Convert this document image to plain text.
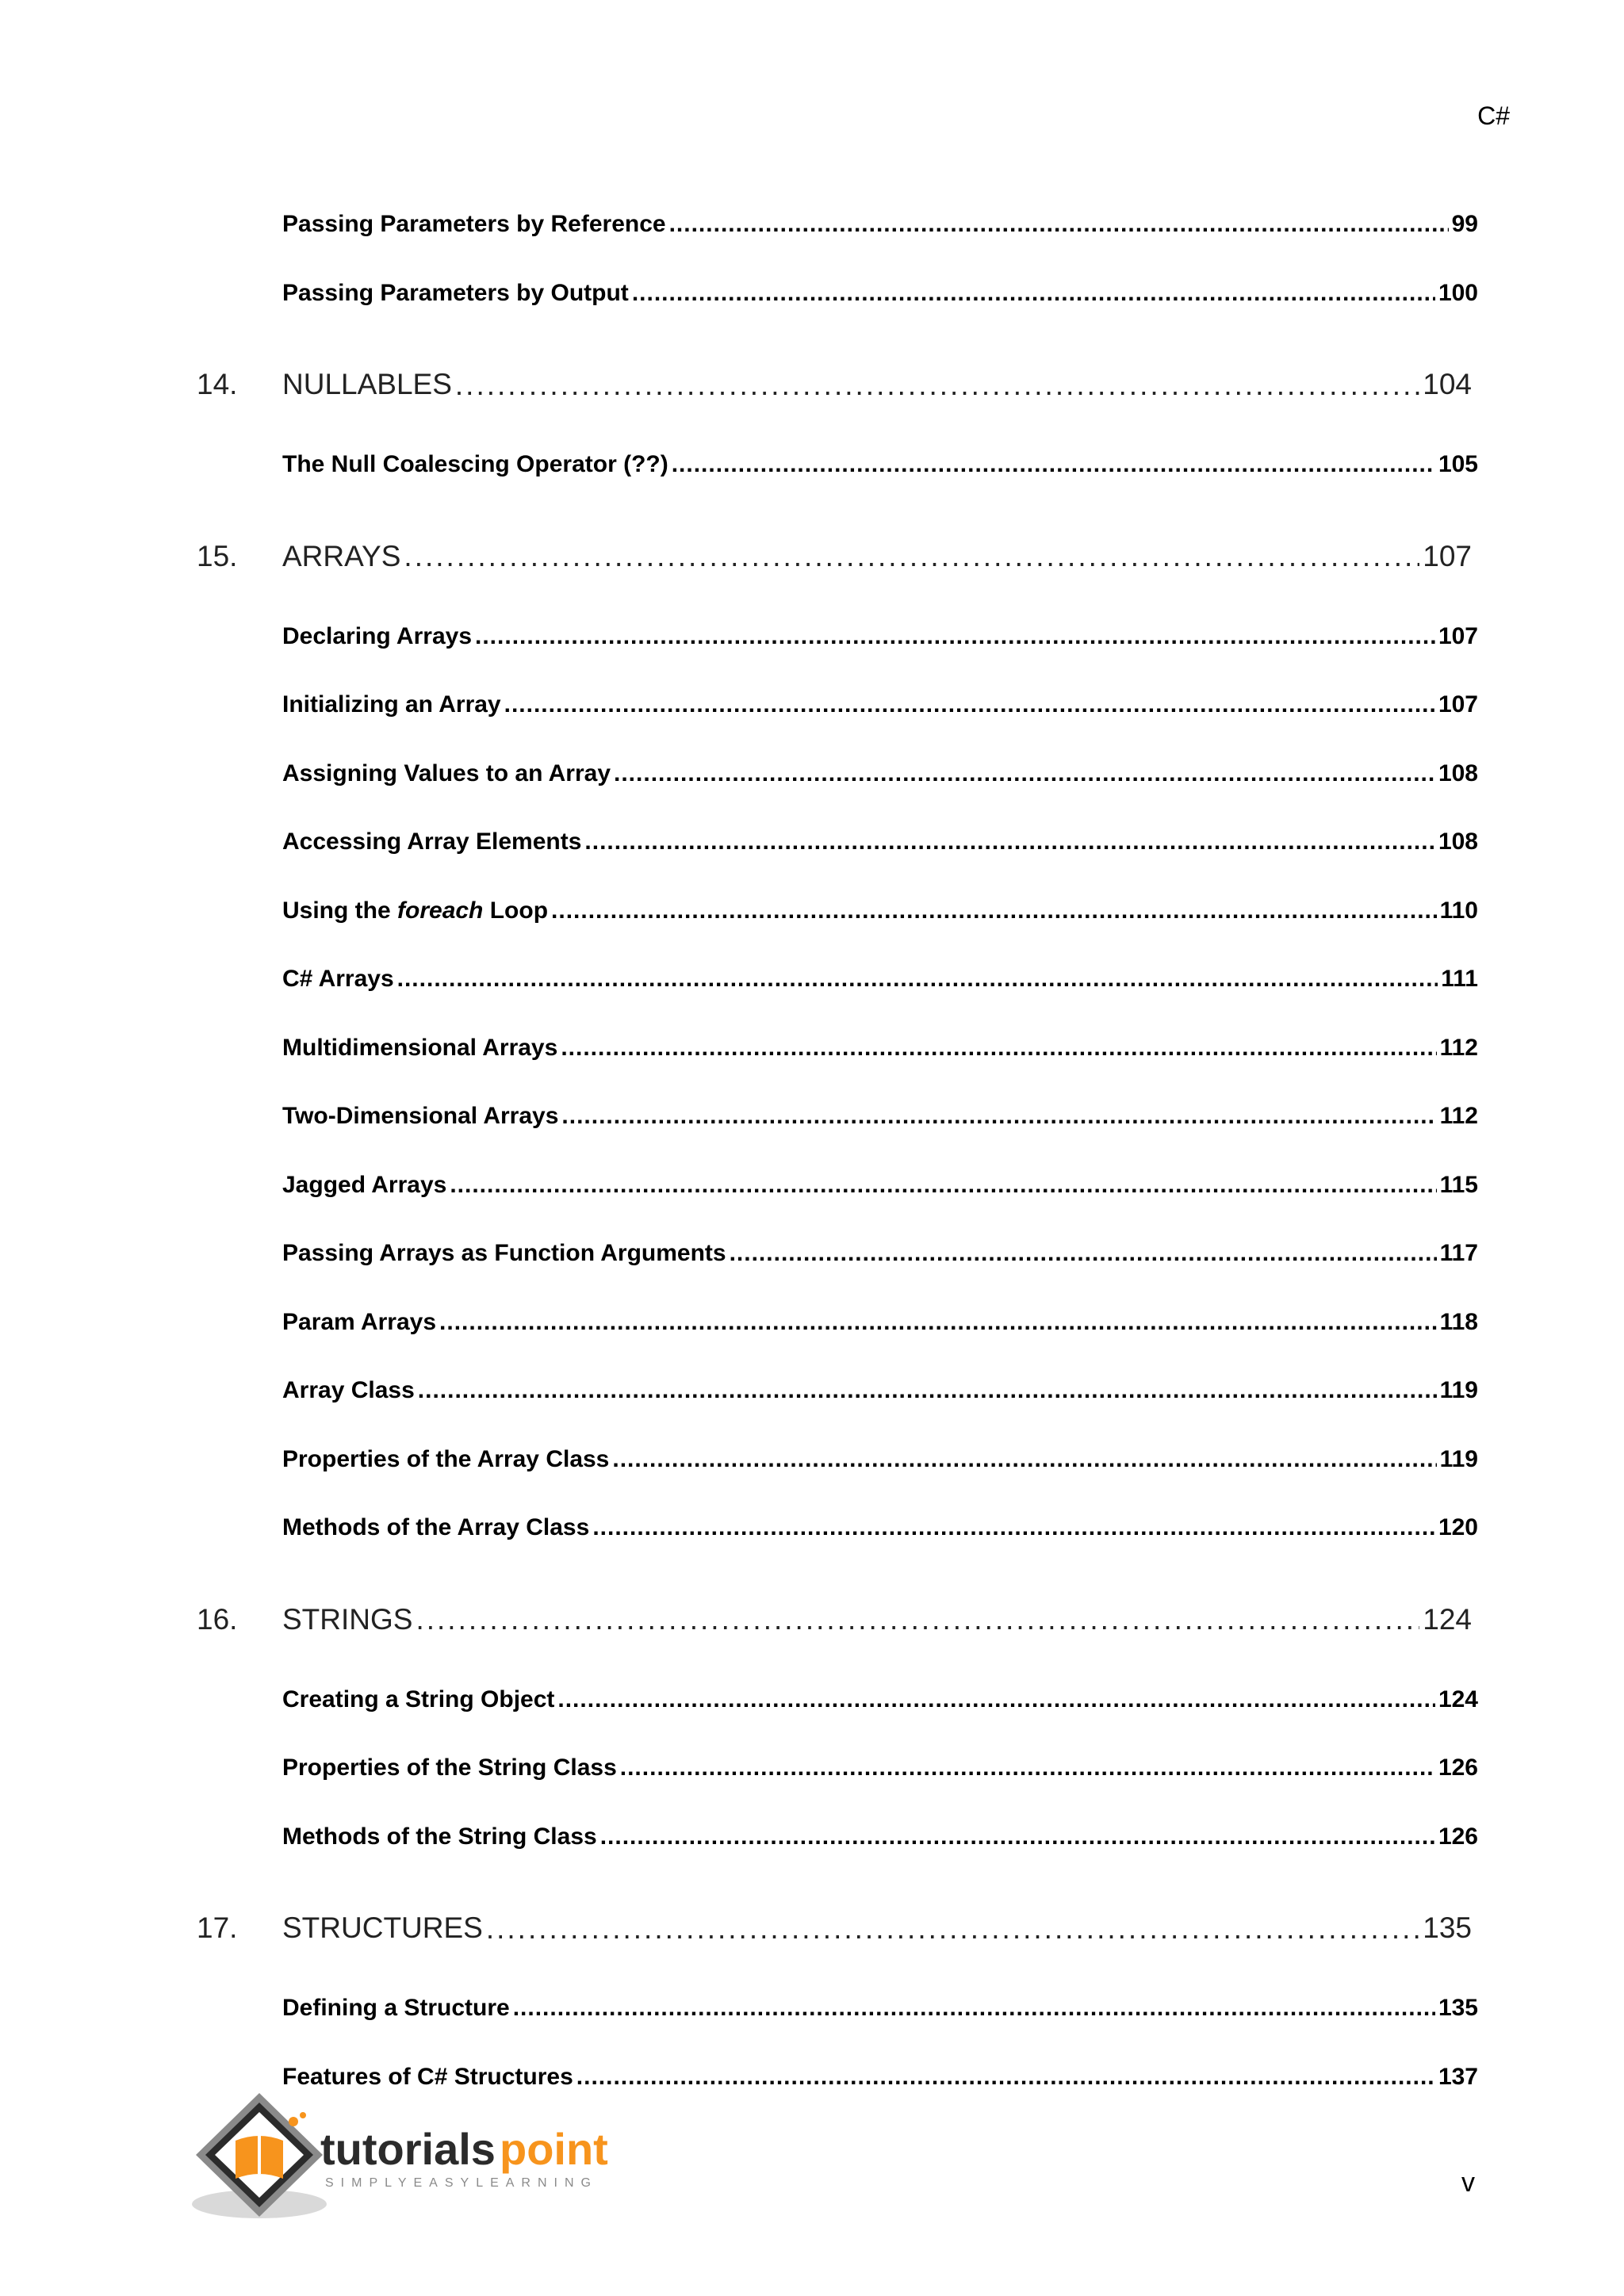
C#
Passing Parameters by Reference .....	99
Passing Parameters by Output .....	100
14.	NULLABLES .....	104
The Null Coalescing Operator (??) .....	105
15.	ARRAYS .....	107
Declaring Arrays .....	107
Initializing an Array .....	107
Assigning Values to an Array .....	108
Accessing Array Elements .....	108
Using the foreach Loop .....	110
C# Arrays .....	111
Multidimensional Arrays .....	112
Two-Dimensional Arrays .....	112
Jagged Arrays .....	115
Passing Arrays as Function Arguments .....	117
Param Arrays .....	118
Array Class .....	119
Properties of the Array Class .....	119
Methods of the Array Class .....	120
16.	STRINGS .....	124
Creating a String Object .....	124
Properties of the String Class .....	126
Methods of the String Class .....	126
17.	STRUCTURES .....	135
Defining a Structure .....	135
Features of C# Structures .....	137
tutorials point
SIMPLYEASYLEARNING	v
